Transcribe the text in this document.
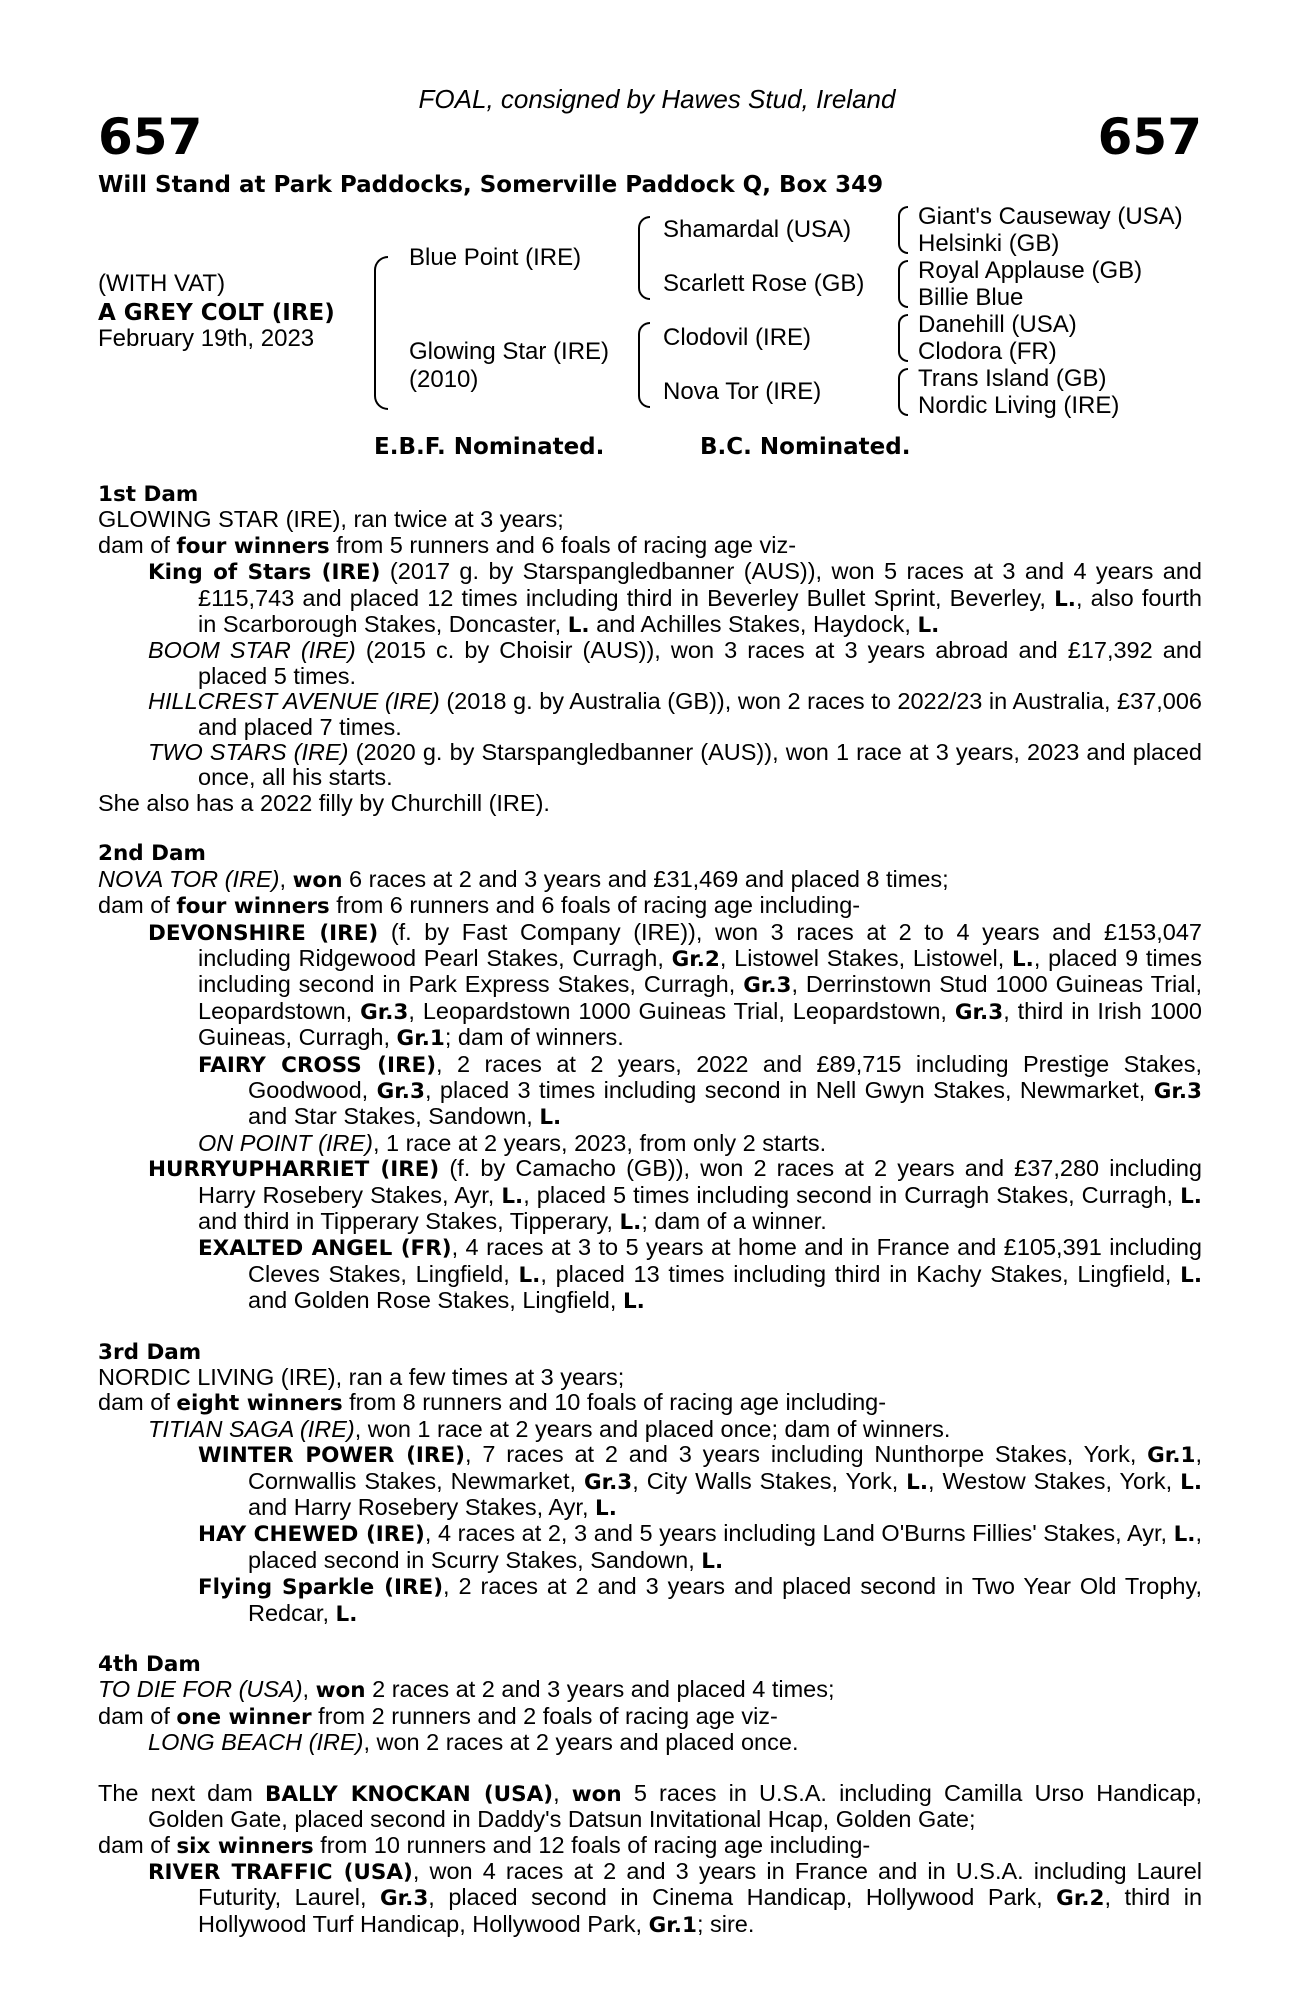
FOAL, consigned by Hawes Stud, Ireland
657	657
Will Stand at Park Paddocks, Somerville Paddock Q, Box 349
(WITH VAT)
A GREY COLT (IRE)
February 19th, 2023
Blue Point (IRE)
Glowing Star (IRE)
(2010)
Shamardal (USA)
Scarlett Rose (GB)
Clodovil (IRE)
Nova Tor (IRE)
Giant's Causeway (USA)
Helsinki (GB)
Royal Applause (GB)
Billie Blue
Danehill (USA)
Clodora (FR)
Trans Island (GB)
Nordic Living (IRE)
E.B.F. Nominated.	B.C. Nominated.

1st Dam

GLOWING STAR (IRE), ran twice at 3 years;

dam of four winners from 5 runners and 6 foals of racing age viz-

King of Stars (IRE) (2017 g. by Starspangledbanner (AUS)), won 5 races at 3 and 4 years and £115,743 and placed 12 times including third in Beverley Bullet Sprint, Beverley, L., also fourth in Scarborough Stakes, Doncaster, L. and Achilles Stakes, Haydock, L.

BOOM STAR (IRE) (2015 c. by Choisir (AUS)), won 3 races at 3 years abroad and £17,392 and placed 5 times.

HILLCREST AVENUE (IRE) (2018 g. by Australia (GB)), won 2 races to 2022/23 in Australia, £37,006 and placed 7 times.

TWO STARS (IRE) (2020 g. by Starspangledbanner (AUS)), won 1 race at 3 years, 2023 and placed once, all his starts.

She also has a 2022 filly by Churchill (IRE).

2nd Dam

NOVA TOR (IRE), won 6 races at 2 and 3 years and £31,469 and placed 8 times;

dam of four winners from 6 runners and 6 foals of racing age including-

DEVONSHIRE (IRE) (f. by Fast Company (IRE)), won 3 races at 2 to 4 years and £153,047 including Ridgewood Pearl Stakes, Curragh, Gr.2, Listowel Stakes, Listowel, L., placed 9 times including second in Park Express Stakes, Curragh, Gr.3, Derrinstown Stud 1000 Guineas Trial, Leopardstown, Gr.3, Leopardstown 1000 Guineas Trial, Leopardstown, Gr.3, third in Irish 1000 Guineas, Curragh, Gr.1; dam of winners.

FAIRY CROSS (IRE), 2 races at 2 years, 2022 and £89,715 including Prestige Stakes, Goodwood, Gr.3, placed 3 times including second in Nell Gwyn Stakes, Newmarket, Gr.3 and Star Stakes, Sandown, L.

ON POINT (IRE), 1 race at 2 years, 2023, from only 2 starts.

HURRYUPHARRIET (IRE) (f. by Camacho (GB)), won 2 races at 2 years and £37,280 including Harry Rosebery Stakes, Ayr, L., placed 5 times including second in Curragh Stakes, Curragh, L. and third in Tipperary Stakes, Tipperary, L.; dam of a winner.

EXALTED ANGEL (FR), 4 races at 3 to 5 years at home and in France and £105,391 including Cleves Stakes, Lingfield, L., placed 13 times including third in Kachy Stakes, Lingfield, L. and Golden Rose Stakes, Lingfield, L.

3rd Dam

NORDIC LIVING (IRE), ran a few times at 3 years;

dam of eight winners from 8 runners and 10 foals of racing age including-

TITIAN SAGA (IRE), won 1 race at 2 years and placed once; dam of winners.

WINTER POWER (IRE), 7 races at 2 and 3 years including Nunthorpe Stakes, York, Gr.1, Cornwallis Stakes, Newmarket, Gr.3, City Walls Stakes, York, L., Westow Stakes, York, L. and Harry Rosebery Stakes, Ayr, L.

HAY CHEWED (IRE), 4 races at 2, 3 and 5 years including Land O'Burns Fillies' Stakes, Ayr, L., placed second in Scurry Stakes, Sandown, L.

Flying Sparkle (IRE), 2 races at 2 and 3 years and placed second in Two Year Old Trophy, Redcar, L.

4th Dam

TO DIE FOR (USA), won 2 races at 2 and 3 years and placed 4 times;

dam of one winner from 2 runners and 2 foals of racing age viz-

LONG BEACH (IRE), won 2 races at 2 years and placed once.

The next dam BALLY KNOCKAN (USA), won 5 races in U.S.A. including Camilla Urso Handicap, Golden Gate, placed second in Daddy's Datsun Invitational Hcap, Golden Gate;

dam of six winners from 10 runners and 12 foals of racing age including-

RIVER TRAFFIC (USA), won 4 races at 2 and 3 years in France and in U.S.A. including Laurel Futurity, Laurel, Gr.3, placed second in Cinema Handicap, Hollywood Park, Gr.2, third in Hollywood Turf Handicap, Hollywood Park, Gr.1; sire.
